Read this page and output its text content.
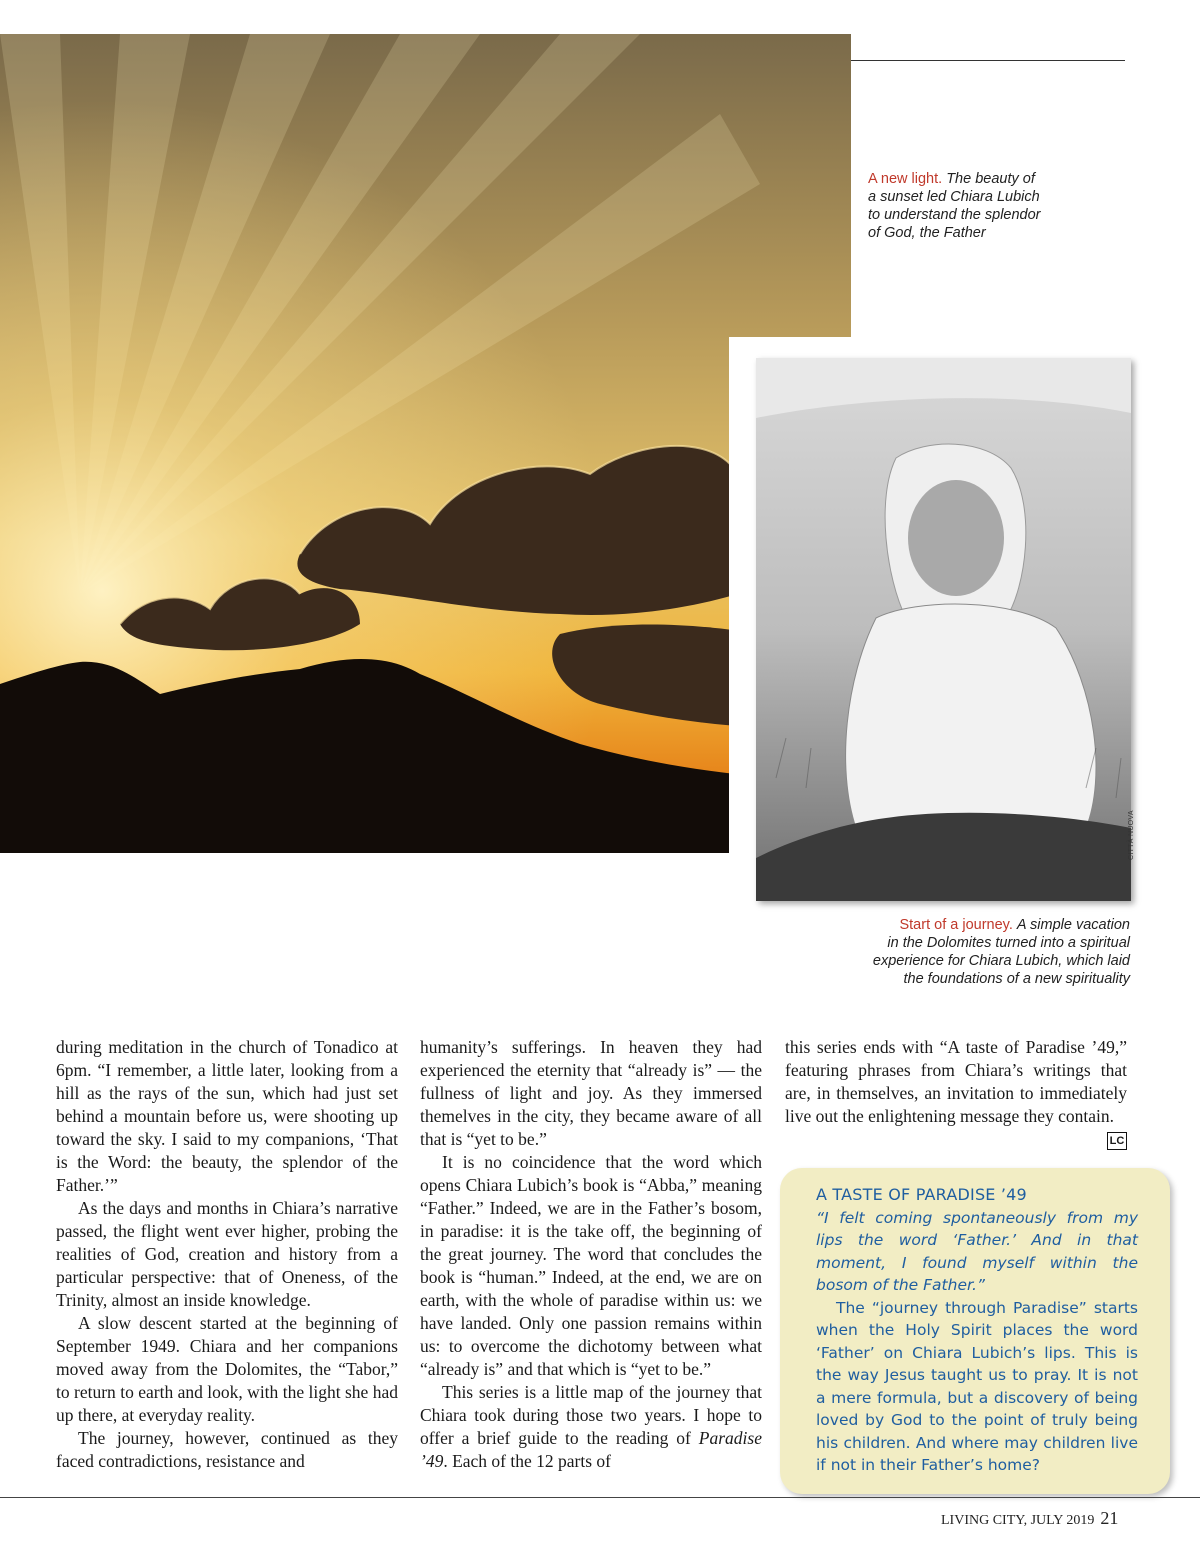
A new light. The beauty of
a sunset led Chiara Lubich
to understand the splendor
of God, the Father
CITTÀ NUOVA
Start of a journey. A simple vacation
in the Dolomites turned into a spiritual
experience for Chiara Lubich, which laid
the foundations of a new spirituality

during meditation in the church of Tonadico at 6pm. “I remember, a little later, looking from a hill as the rays of the sun, which had just set behind a mountain before us, were shooting up toward the sky. I said to my companions, ‘That is the Word: the beauty, the splendor of the Father.’”

As the days and months in Chiara’s narrative passed, the flight went ever higher, probing the realities of God, creation and history from a particular perspective: that of Oneness, of the Trinity, almost an inside knowledge.

A slow descent started at the beginning of September 1949. Chiara and her companions moved away from the Dolomites, the “Tabor,” to return to earth and look, with the light she had up there, at everyday reality.

The journey, however, continued as they faced contradictions, resistance and

humanity’s sufferings. In heaven they had experienced the eternity that “already is” — the fullness of light and joy. As they immersed themelves in the city, they became aware of all that is “yet to be.”

It is no coincidence that the word which opens Chiara Lubich’s book is “Abba,” meaning “Father.” Indeed, we are in the Father’s bosom, in paradise: it is the take off, the beginning of the great journey. The word that concludes the book is “human.” Indeed, at the end, we are on earth, with the whole of paradise within us: we have landed. Only one passion remains within us: to overcome the dichotomy between what “already is” and that which is “yet to be.”

This series is a little map of the journey that Chiara took during those two years. I hope to offer a brief guide to the reading of Paradise ’49. Each of the 12 parts of

this series ends with “A taste of Paradise ’49,” featuring phrases from Chiara’s writings that are, in themselves, an invitation to immediately live out the enlightening message they contain.
LC

A TASTE OF PARADISE ’49
“I felt coming spontaneously from my lips the word ‘Father.’ And in that moment, I found myself within the bosom of the Father.”

The “journey through Paradise” starts when the Holy Spirit places the word ‘Father’ on Chiara Lubich’s lips. This is the way Jesus taught us to pray. It is not a mere formula, but a discovery of being loved by God to the point of truly being his children. And where may children live if not in their Father’s home?

LIVING CITY, JULY 2019 21
